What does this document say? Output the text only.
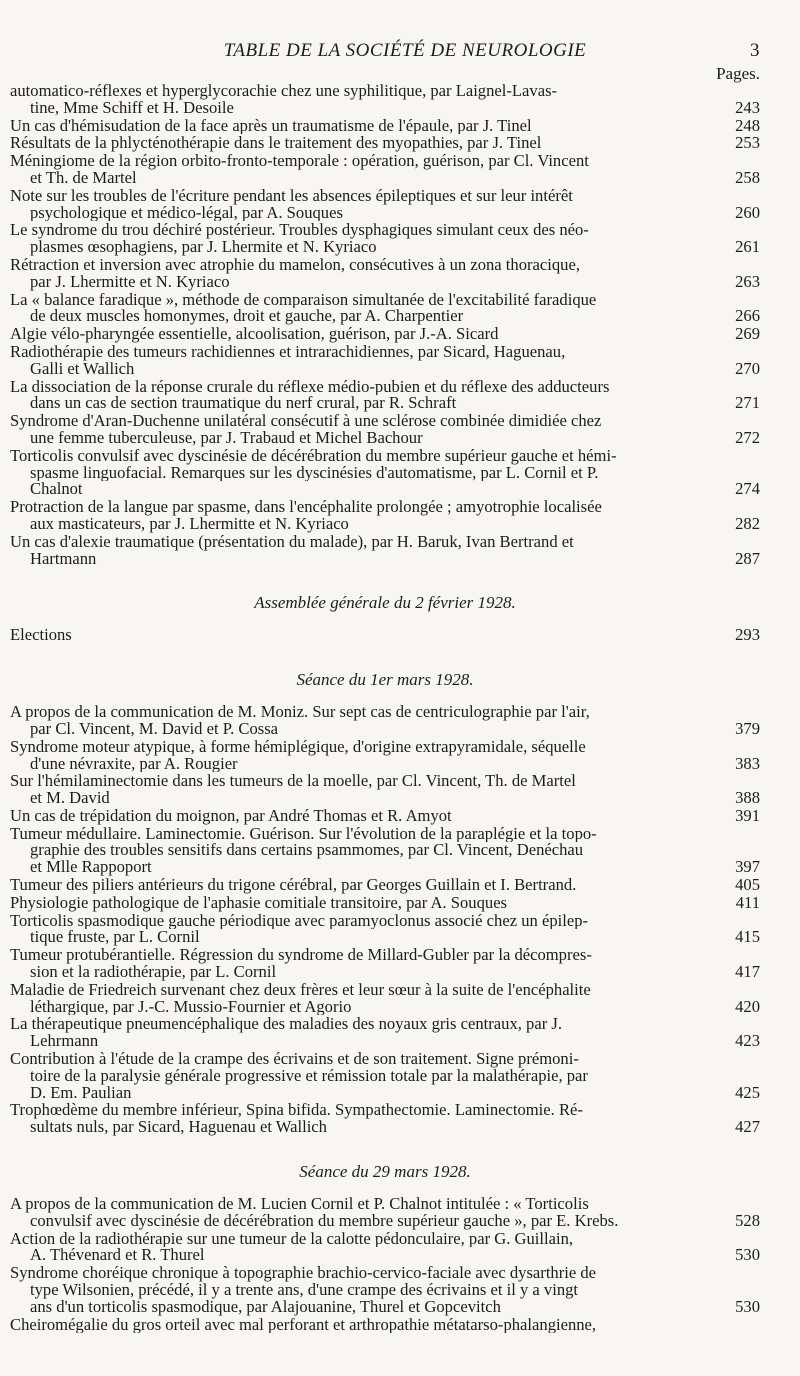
TABLE DE LA SOCIÉTÉ DE NEUROLOGIE	3
Pages.
automatico-réflexes et hyperglycorachie chez une syphilitique, par Laignel-Lavas-
tine, Mme Schiff et H. Desoile	243
Un cas d'hémisudation de la face après un traumatisme de l'épaule, par J. Tinel	248
Résultats de la phlycténothérapie dans le traitement des myopathies, par J. Tinel	253
Méningiome de la région orbito-fronto-temporale : opération, guérison, par Cl. Vincent
et Th. de Martel	258
Note sur les troubles de l'écriture pendant les absences épileptiques et sur leur intérêt
psychologique et médico-légal, par A. Souques	260
Le syndrome du trou déchiré postérieur. Troubles dysphagiques simulant ceux des néo-
plasmes œsophagiens, par J. Lhermite et N. Kyriaco	261
Rétraction et inversion avec atrophie du mamelon, consécutives à un zona thoracique,
par J. Lhermitte et N. Kyriaco	263
La « balance faradique », méthode de comparaison simultanée de l'excitabilité faradique
de deux muscles homonymes, droit et gauche, par A. Charpentier	266
Algie vélo-pharyngée essentielle, alcoolisation, guérison, par J.-A. Sicard	269
Radiothérapie des tumeurs rachidiennes et intrarachidiennes, par Sicard, Haguenau,
Galli et Wallich	270
La dissociation de la réponse crurale du réflexe médio-pubien et du réflexe des adducteurs
dans un cas de section traumatique du nerf crural, par R. Schraft	271
Syndrome d'Aran-Duchenne unilatéral consécutif à une sclérose combinée dimidiée chez
une femme tuberculeuse, par J. Trabaud et Michel Bachour	272
Torticolis convulsif avec dyscinésie de décérébration du membre supérieur gauche et hémi-
spasme linguofacial. Remarques sur les dyscinésies d'automatisme, par L. Cornil et P.
Chalnot	274
Protraction de la langue par spasme, dans l'encéphalite prolongée ; amyotrophie localisée
aux masticateurs, par J. Lhermitte et N. Kyriaco	282
Un cas d'alexie traumatique (présentation du malade), par H. Baruk, Ivan Bertrand et
Hartmann	287
Assemblée générale du 2 février 1928.
Elections	293
Séance du 1er mars 1928.
A propos de la communication de M. Moniz. Sur sept cas de centriculographie par l'air,
par Cl. Vincent, M. David et P. Cossa	379
Syndrome moteur atypique, à forme hémiplégique, d'origine extrapyramidale, séquelle
d'une névraxite, par A. Rougier	383
Sur l'hémilaminectomie dans les tumeurs de la moelle, par Cl. Vincent, Th. de Martel
et M. David	388
Un cas de trépidation du moignon, par André Thomas et R. Amyot	391
Tumeur médullaire. Laminectomie. Guérison. Sur l'évolution de la paraplégie et la topo-
graphie des troubles sensitifs dans certains psammomes, par Cl. Vincent, Denéchau
et Mlle Rappoport	397
Tumeur des piliers antérieurs du trigone cérébral, par Georges Guillain et I. Bertrand.	405
Physiologie pathologique de l'aphasie comitiale transitoire, par A. Souques	411
Torticolis spasmodique gauche périodique avec paramyoclonus associé chez un épilep-
tique fruste, par L. Cornil	415
Tumeur protubérantielle. Régression du syndrome de Millard-Gubler par la décompres-
sion et la radiothérapie, par L. Cornil	417
Maladie de Friedreich survenant chez deux frères et leur sœur à la suite de l'encéphalite
léthargique, par J.-C. Mussio-Fournier et Agorio	420
La thérapeutique pneumencéphalique des maladies des noyaux gris centraux, par J.
Lehrmann	423
Contribution à l'étude de la crampe des écrivains et de son traitement. Signe prémoni-
toire de la paralysie générale progressive et rémission totale par la malathérapie, par
D. Em. Paulian	425
Trophœdème du membre inférieur, Spina bifida. Sympathectomie. Laminectomie. Ré-
sultats nuls, par Sicard, Haguenau et Wallich	427
Séance du 29 mars 1928.
A propos de la communication de M. Lucien Cornil et P. Chalnot intitulée : « Torticolis
convulsif avec dyscinésie de décérébration du membre supérieur gauche », par E. Krebs.	528
Action de la radiothérapie sur une tumeur de la calotte pédonculaire, par G. Guillain,
A. Thévenard et R. Thurel	530
Syndrome choréique chronique à topographie brachio-cervico-faciale avec dysarthrie de
type Wilsonien, précédé, il y a trente ans, d'une crampe des écrivains et il y a vingt
ans d'un torticolis spasmodique, par Alajouanine, Thurel et Gopcevitch	530
Cheiromégalie du gros orteil avec mal perforant et arthropathie métatarso-phalangienne,
